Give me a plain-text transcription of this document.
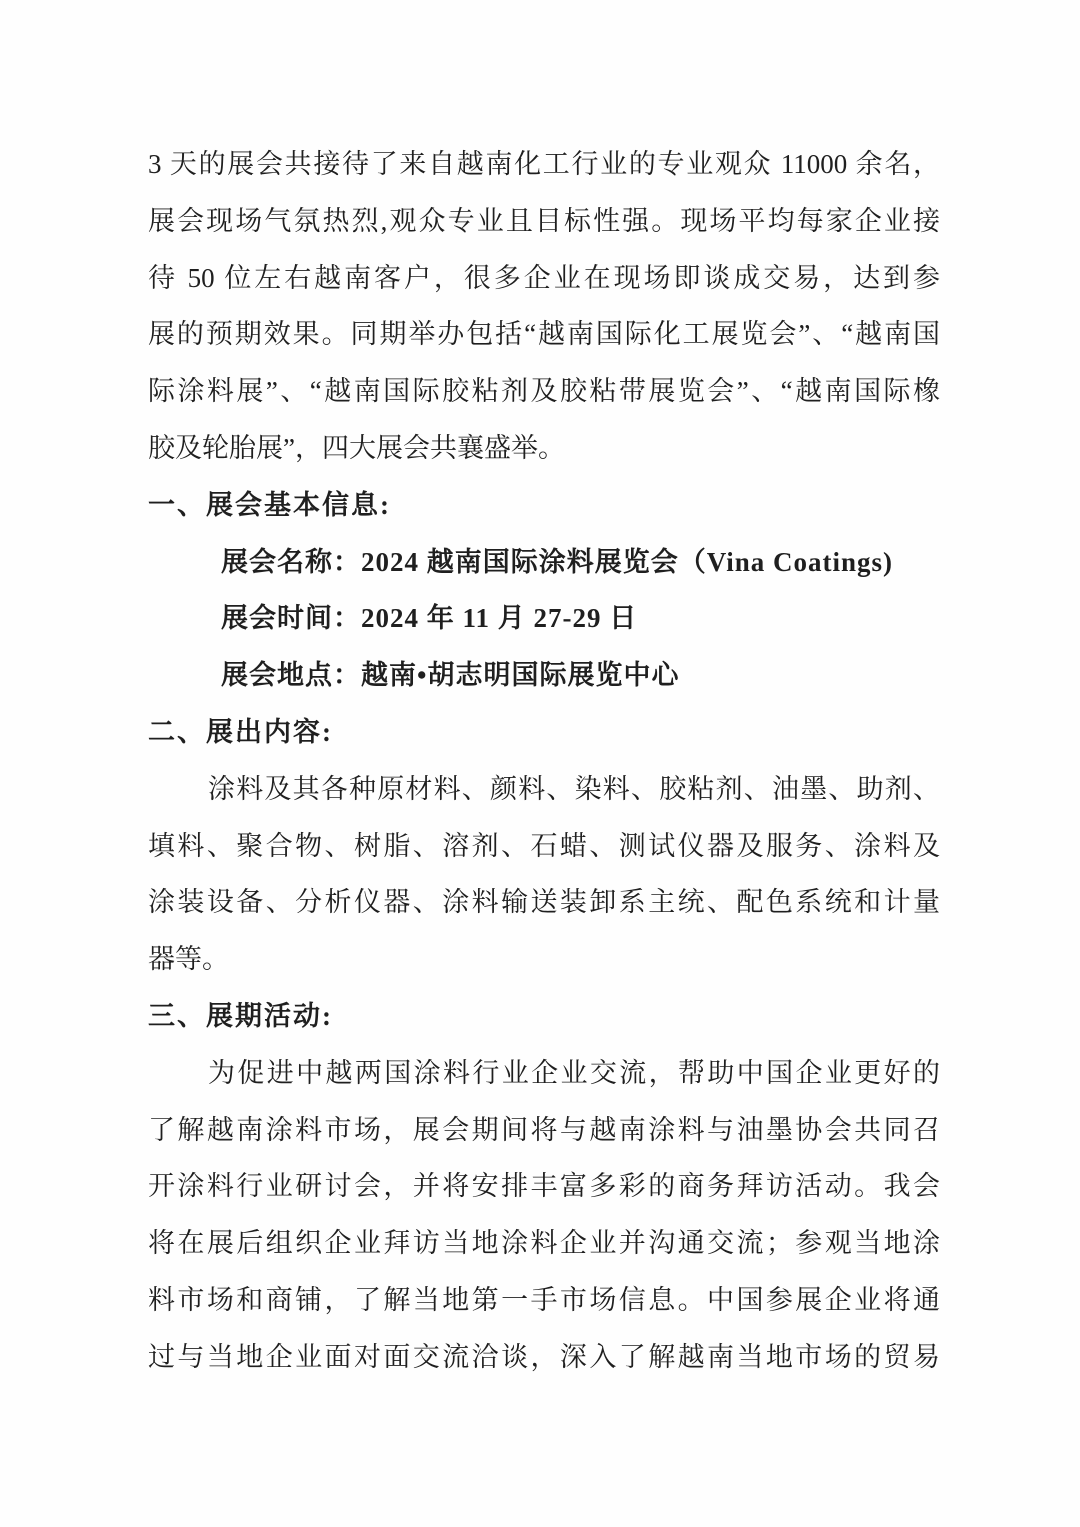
3 天的展会共接待了来自越南化工行业的专业观众 11000 余名，
展会现场气氛热烈,观众专业且目标性强。现场平均每家企业接
待 50 位左右越南客户，很多企业在现场即谈成交易，达到参
展的预期效果。同期举办包括“越南国际化工展览会”、“越南国
际涂料展”、“越南国际胶粘剂及胶粘带展览会”、“越南国际橡
胶及轮胎展”，四大展会共襄盛举。
一、展会基本信息:
展会名称：2024 越南国际涂料展览会（Vina Coatings)
展会时间：2024 年 11 月 27-29 日
展会地点：越南•胡志明国际展览中心
二、展出内容:
涂料及其各种原材料、颜料、染料、胶粘剂、油墨、助剂、
填料、聚合物、树脂、溶剂、石蜡、测试仪器及服务、涂料及
涂装设备、分析仪器、涂料输送装卸系主统、配色系统和计量
器等。
三、展期活动:
为促进中越两国涂料行业企业交流，帮助中国企业更好的
了解越南涂料市场，展会期间将与越南涂料与油墨协会共同召
开涂料行业研讨会，并将安排丰富多彩的商务拜访活动。我会
将在展后组织企业拜访当地涂料企业并沟通交流；参观当地涂
料市场和商铺，了解当地第一手市场信息。中国参展企业将通
过与当地企业面对面交流洽谈，深入了解越南当地市场的贸易
